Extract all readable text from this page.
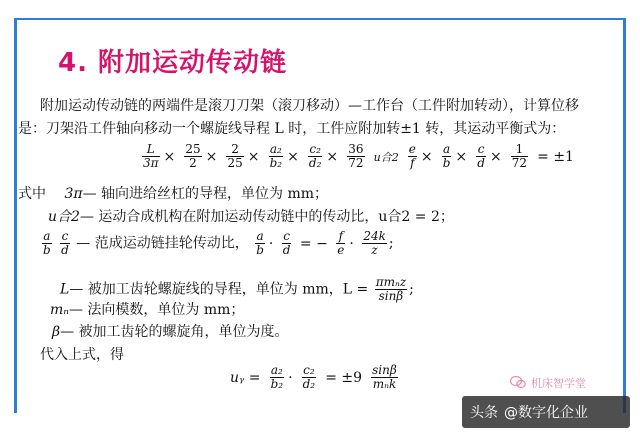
4. 附加运动传动链
附加运动传动链的两端件是滚刀刀架（滚刀移动）—工作台（工件附加转动），计算位移
是：刀架沿工件轴向移动一个螺旋线导程 L 时，工件应附加转±1 转，其运动平衡式为：
$\frac{L}{3\pi} \times \frac{25}{2} \times \frac{2}{25} \times \frac{\text{a₂}}{\text{b₂}} \times \frac{\text{c₂}}{\text{d₂}} \times \frac{36}{72}$ u合$2 \frac{e}{f} \times \frac{a}{b} \times \frac{c}{d} \times \frac{1}{72} = \pm 1$
式中 3π— 轴向进给丝杠的导程，单位为 mm；
u合2— 运动合成机构在附加运动传动链中的传动比，u合2 = 2；
$\frac{a}{b}$
$\frac{c}{d}$ — 范成运动链挂轮传动比， $\frac{a}{b} \cdot \frac{c}{d}$ = − $\frac{f}{e} \cdot \frac{24k}{z}$ ;
L— 被加工齿轮螺旋线的导程，单位为 mm，$L = \frac{\text{πmₙz}}{\sin\beta}$ ;
mₙ— 法向模数，单位为 mm；
β— 被加工齿轮的螺旋角，单位为度。
代入上式，得
uᵧ = $\frac{\text{a₂}}{\text{b₂}} \cdot \frac{\text{c₂}}{\text{d₂}} = \pm 9 \frac{\sin\beta}{\text{mₙk}}$	机床智学堂
头条 @数字化企业
